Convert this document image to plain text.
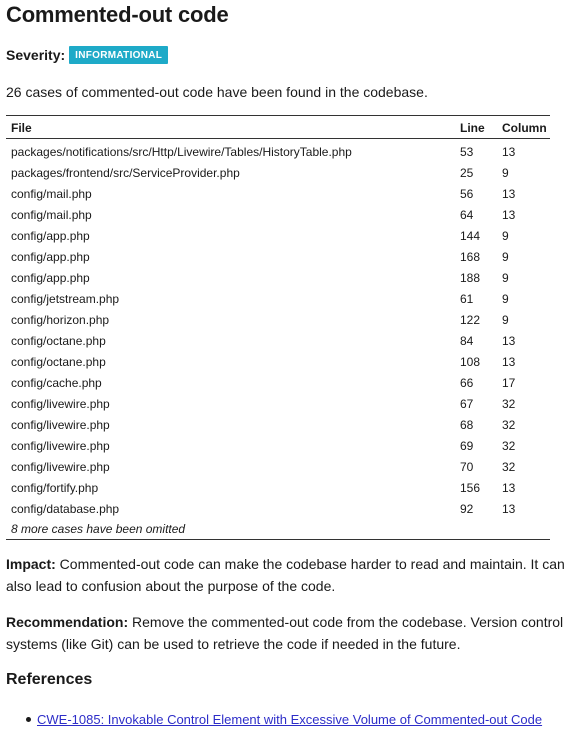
Commented-out code
Severity:	INFORMATIONAL

26 cases of commented-out code have been found in the codebase.

File	Line	Column
packages/notifications/src/Http/Livewire/Tables/HistoryTable.php	53	13
packages/frontend/src/ServiceProvider.php	25	9
config/mail.php	56	13
config/mail.php	64	13
config/app.php	144	9
config/app.php	168	9
config/app.php	188	9
config/jetstream.php	61	9
config/horizon.php	122	9
config/octane.php	84	13
config/octane.php	108	13
config/cache.php	66	17
config/livewire.php	67	32
config/livewire.php	68	32
config/livewire.php	69	32
config/livewire.php	70	32
config/fortify.php	156	13
config/database.php	92	13
8 more cases have been omitted		

Impact: Commented-out code can make the codebase harder to read and maintain. It can also lead to confusion about the purpose of the code.

Recommendation: Remove the commented-out code from the codebase. Version control systems (like Git) can be used to retrieve the code if needed in the future.

References
CWE-1085: Invokable Control Element with Excessive Volume of Commented-out Code
